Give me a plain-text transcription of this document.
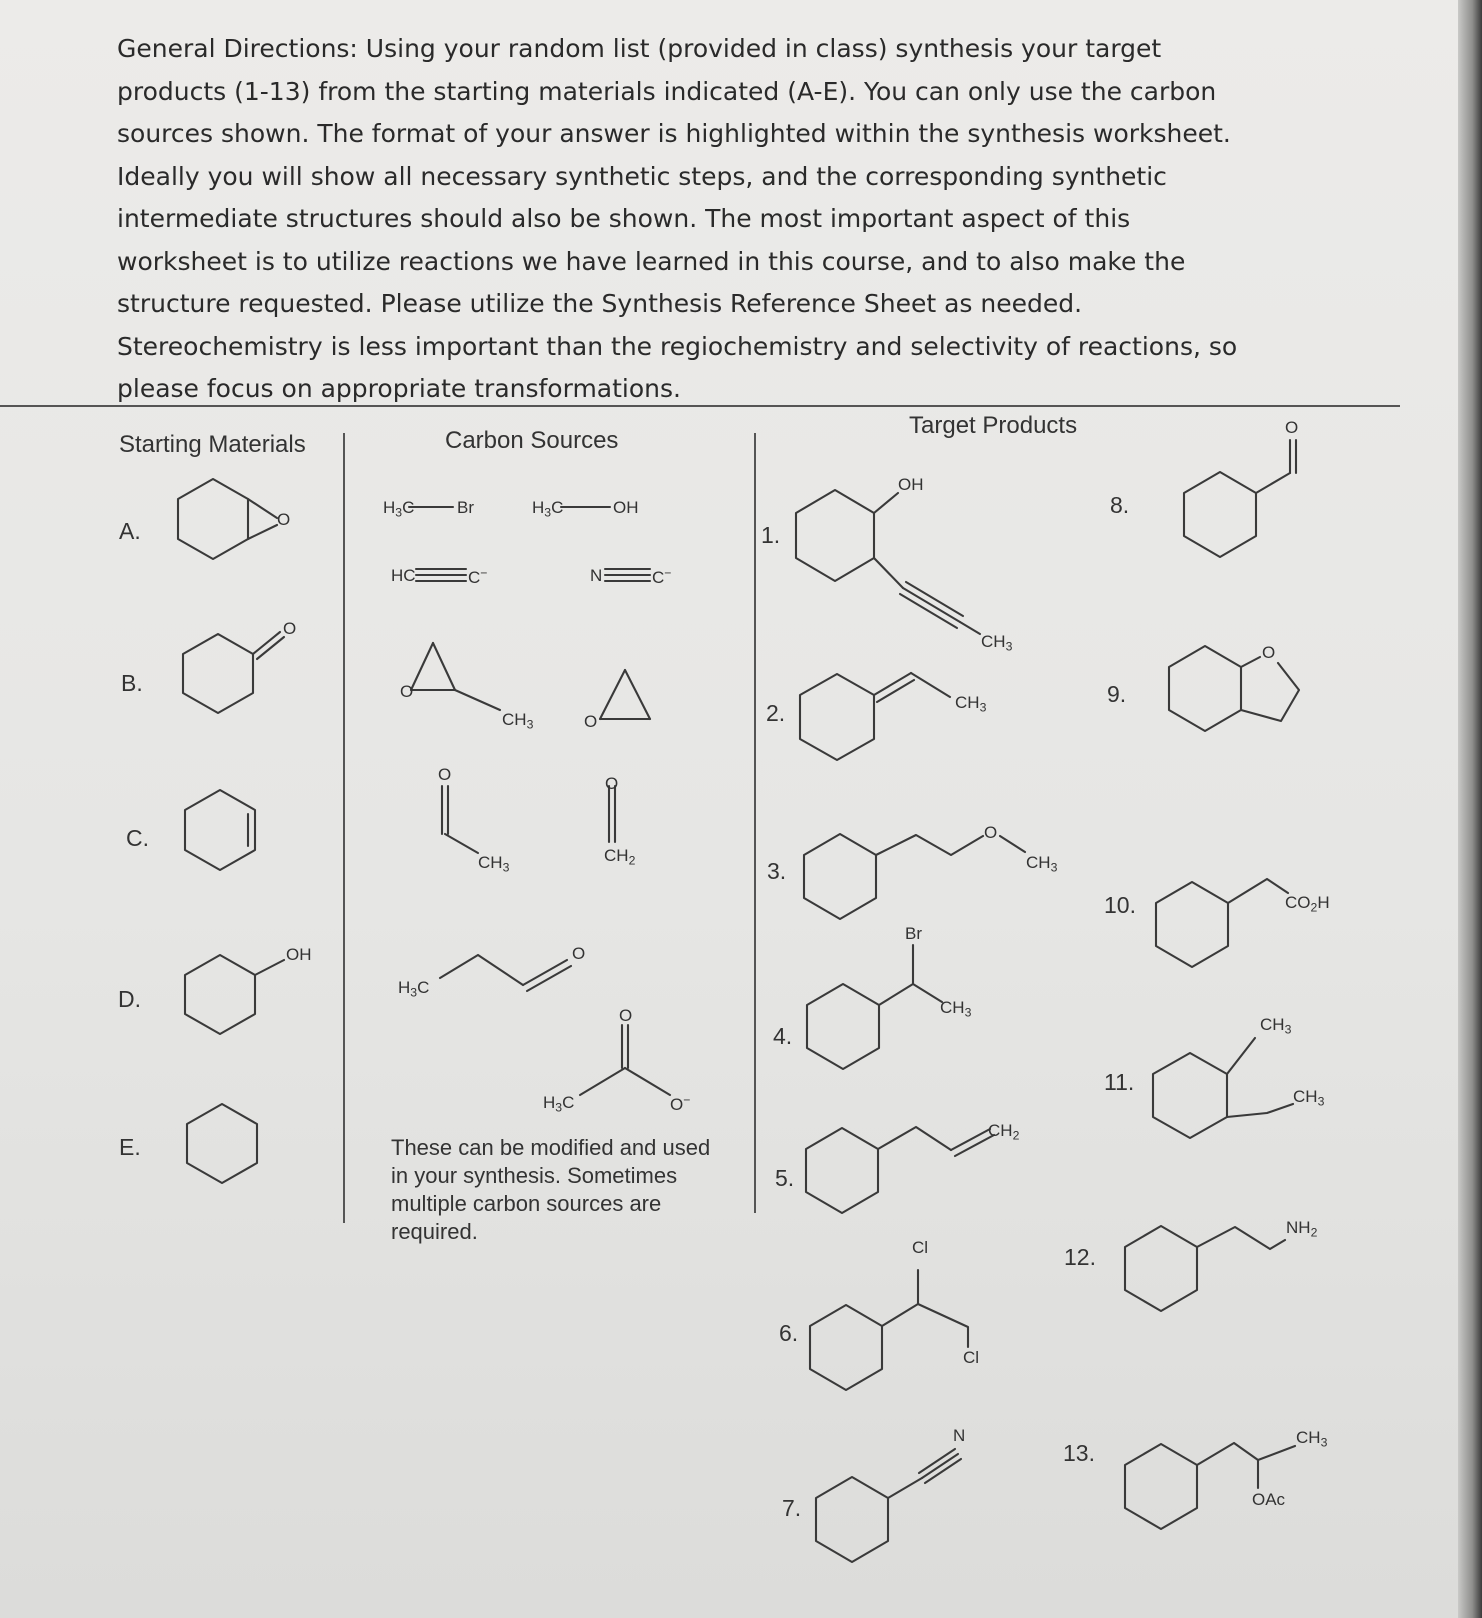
General Directions: Using your random list (provided in class) synthesis your target
products (1-13) from the starting materials indicated (A-E). You can only use the carbon
sources shown. The format of your answer is highlighted within the synthesis worksheet.
Ideally you will show all necessary synthetic steps, and the corresponding synthetic
intermediate structures should also be shown. The most important aspect of this
worksheet is to utilize reactions we have learned in this course, and to also make the
structure requested. Please utilize the Synthesis Reference Sheet as needed.
Stereochemistry is less important than the regiochemistry and selectivity of reactions, so
please focus on appropriate transformations.

Starting Materials	Carbon Sources
Target Products
A.
B.
C.
D.
E.
1.
2.
3.
4.
5.
6.
7.
8.
9.
10.
11.
12.
13.
O
O
OH
$H_3C$	Br	$H_3C$	OH
HC	C−	N	C−
O
$CH_3$	O
O
$CH_3$
O
$CH_2$
$H_3C$
O
$H_3C$
O
O−
These can be modified and used in your synthesis. Sometimes multiple carbon sources are required.
OH
$CH_3$
$CH_3$
O
$CH_3$
Br
$CH_3$
$CH_2$
Cl
Cl
N
O
O
$CO_2H$
$CH_3$
$CH_3$
$NH_2$
$CH_3$
OAc
